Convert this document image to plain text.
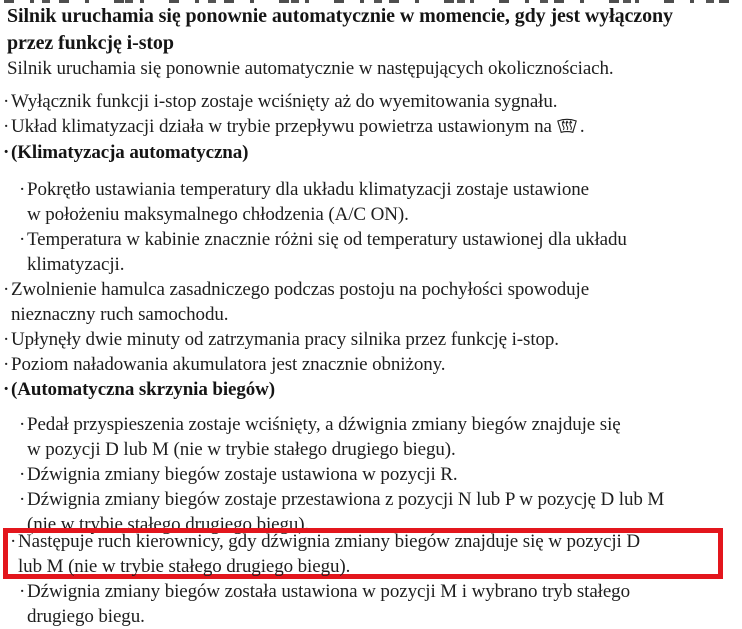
Silnik uruchamia się ponownie automatycznie w momencie, gdy jest wyłączony
przez funkcję i-stop
Silnik uruchamia się ponownie automatycznie w następujących okolicznościach.
· Wyłącznik funkcji i-stop zostaje wciśnięty aż do wyemitowania sygnału.
· Układ klimatyzacji działa w trybie przepływu powietrza ustawionym na .
· (Klimatyzacja automatyczna)
· Pokrętło ustawiania temperatury dla układu klimatyzacji zostaje ustawione
w położeniu maksymalnego chłodzenia (A/C ON).
· Temperatura w kabinie znacznie różni się od temperatury ustawionej dla układu
klimatyzacji.
· Zwolnienie hamulca zasadniczego podczas postoju na pochyłości spowoduje
nieznaczny ruch samochodu.
· Upłynęły dwie minuty od zatrzymania pracy silnika przez funkcję i-stop.
· Poziom naładowania akumulatora jest znacznie obniżony.
· (Automatyczna skrzynia biegów)
· Pedał przyspieszenia zostaje wciśnięty, a dźwignia zmiany biegów znajduje się
w pozycji D lub M (nie w trybie stałego drugiego biegu).
· Dźwignia zmiany biegów zostaje ustawiona w pozycji R.
· Dźwignia zmiany biegów zostaje przestawiona z pozycji N lub P w pozycję D lub M
(nie w trybie stałego drugiego biegu).
· Następuje ruch kierownicy, gdy dźwignia zmiany biegów znajduje się w pozycji D
lub M (nie w trybie stałego drugiego biegu).
· Dźwignia zmiany biegów została ustawiona w pozycji M i wybrano tryb stałego
drugiego biegu.
